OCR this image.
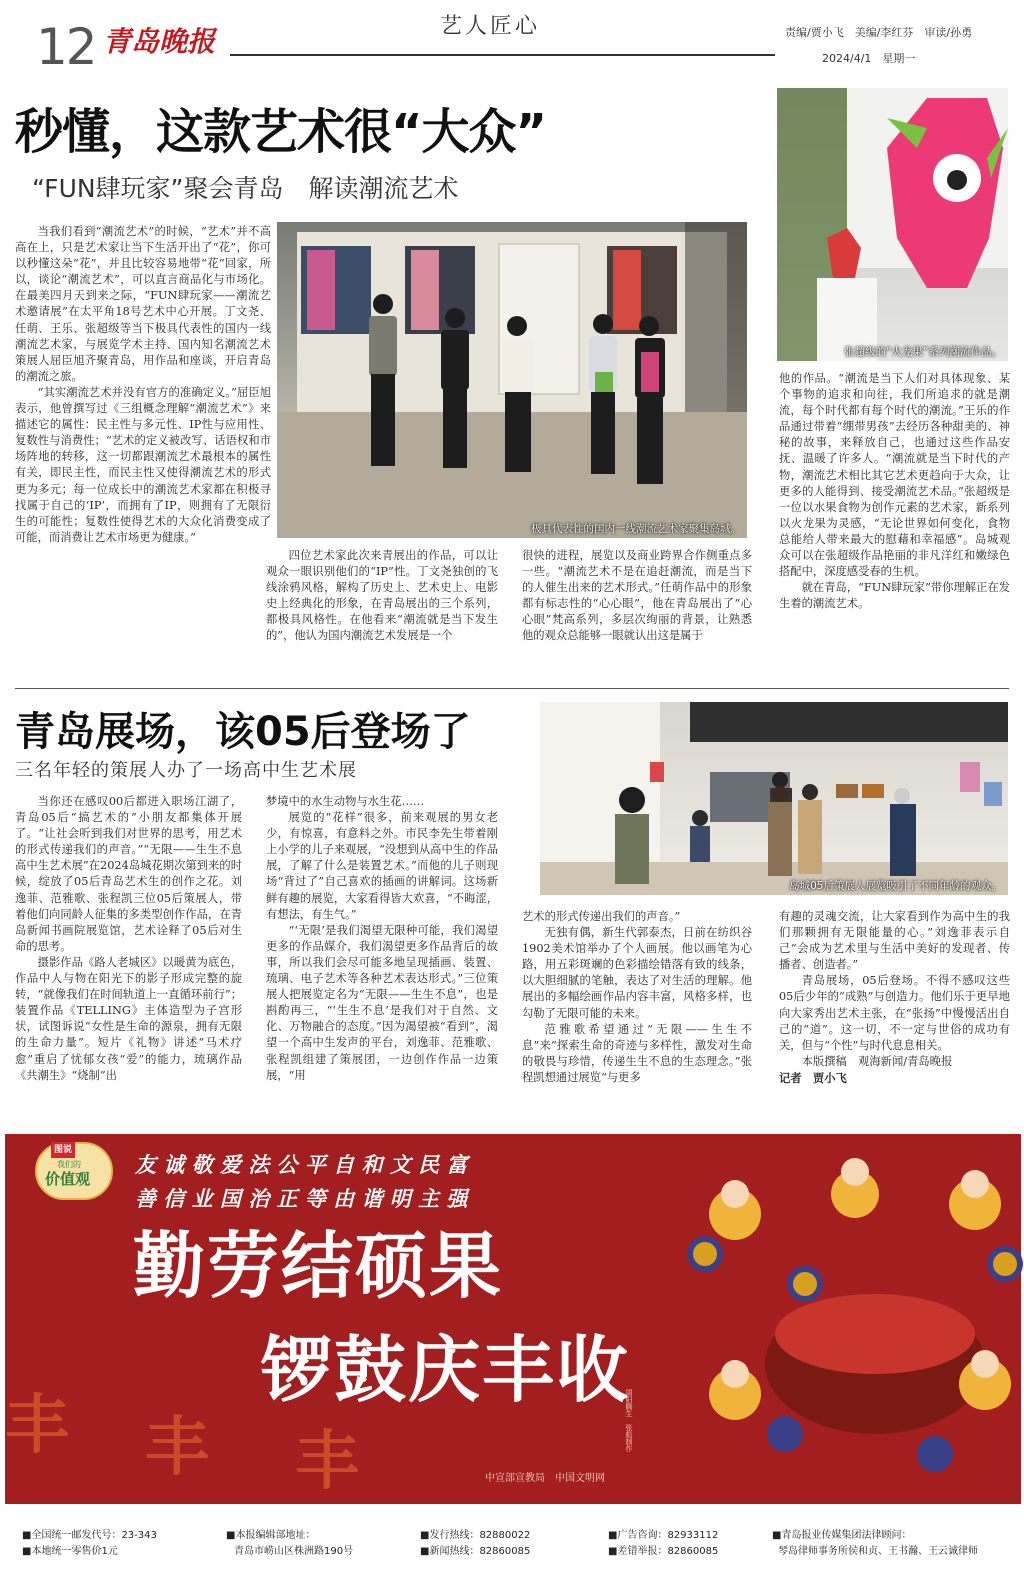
12 青岛晚报	艺人匠心	责编/贾小飞　美编/李红芬　审读/孙勇
2024/4/1　星期一
秒懂，这款艺术很“大众”
“FUN肆玩家”聚会青岛　解读潮流艺术

当我们看到“潮流艺术”的时候，“艺术”并不高高在上，只是艺术家让当下生活开出了“花”，你可以秒懂这朵“花”，并且比较容易地带“花”回家，所以，谈论“潮流艺术”，可以直言商品化与市场化。在最美四月天到来之际，“FUN肆玩家——潮流艺术邀请展”在太平角18号艺术中心开展。丁文尧、任萌、王乐、张超级等当下极具代表性的国内一线潮流艺术家，与展览学术主持、国内知名潮流艺术策展人屈臣旭齐聚青岛，用作品和座谈，开启青岛的潮流之旅。

“其实潮流艺术并没有官方的准确定义。”屈臣旭表示，他曾撰写过《三组概念理解“潮流艺术”》来描述它的属性：民主性与多元性、IP性与应用性、复数性与消费性；“艺术的定义被改写、话语权和市场阵地的转移，这一切都跟潮流艺术最根本的属性有关，即民主性，而民主性又使得潮流艺术的形式更为多元；每一位成长中的潮流艺术家都在积极寻找属于自己的‘IP’，而拥有了IP，则拥有了无限衍生的可能性；复数性使得艺术的大众化消费变成了可能，而消费让艺术市场更为健康。”

极具代表性的国内一线潮流艺术家聚集岛城。
张超级的“火龙果”系列潮流作品。

四位艺术家此次来青展出的作品，可以让观众一眼识别他们的“IP”性。丁文尧独创的飞线涂鸦风格，解构了历史上、艺术史上、电影史上经典化的形象，在青岛展出的三个系列，都极具风格性。在他看来“潮流就是当下发生的”，他认为国内潮流艺术发展是一个

很快的进程，展览以及商业跨界合作侧重点多一些。“潮流艺术不是在追赶潮流，而是当下的人催生出来的艺术形式。”任萌作品中的形象都有标志性的“心心眼”，他在青岛展出了“心心眼”梵高系列，多层次绚丽的背景，让熟悉他的观众总能够一眼就认出这是属于

他的作品。“潮流是当下人们对具体现象、某个事物的追求和向往，我们所追求的就是潮流，每个时代都有每个时代的潮流。”王乐的作品通过带着“绷带男孩”去经历各种甜美的、神秘的故事，来释放自己，也通过这些作品安抚、温暖了许多人。“潮流就是当下时代的产物，潮流艺术相比其它艺术更趋向于大众，让更多的人能得到、接受潮流艺术品。”张超级是一位以水果食物为创作元素的艺术家，新系列以火龙果为灵感，“无论世界如何变化，食物总能给人带来最大的慰藉和幸福感”。岛城观众可以在张超级作品艳丽的非凡洋红和嫩绿色搭配中，深度感受春的生机。

就在青岛，“FUN肆玩家”带你理解正在发生着的潮流艺术。

青岛展场，该05后登场了
三名年轻的策展人办了一场高中生艺术展
岛城05后策展人展览吸引了不同年龄的观众。

当你还在感叹00后都进入职场江湖了，青岛05后“搞艺术的”小朋友都集体开展了。“让社会听到我们对世界的思考，用艺术的形式传递我们的声音。”“无限——生生不息　高中生艺术展”在2024岛城花期次第到来的时候，绽放了05后青岛艺术生的创作之花。刘逸菲、范雅歌、张程凯三位05后策展人，带着他们向同龄人征集的多类型创作作品，在青岛新闻书画院展览馆，艺术诠释了05后对生命的思考。

摄影作品《路人老城区》以暖黄为底色，作品中人与物在阳光下的影子形成完整的旋转，“就像我们在时间轨道上一直循环前行”；装置作品《TELLING》主体造型为子宫形状，试图诉说“女性是生命的源泉，拥有无限的生命力量”。短片《礼物》讲述“马术疗愈”重启了忧郁女孩“爱”的能力，琉璃作品《共潮生》“烧制”出

梦境中的水生动物与水生花……

展览的“花样”很多，前来观展的男女老少，有惊喜，有意料之外。市民李先生带着刚上小学的儿子来观展，“没想到从高中生的作品展，了解了什么是装置艺术。”而他的儿子则现场“背过了”自己喜欢的插画的讲解词。这场新鲜有趣的展览，大家看得皆大欢喜，“不晦涩，有想法，有生气。”

“‘无限’是我们渴望无限种可能，我们渴望更多的作品媒介，我们渴望更多作品背后的故事，所以我们会尽可能多地呈现插画、装置、琉璃、电子艺术等各种艺术表达形式。”三位策展人把展览定名为“无限——生生不息”，也是斟酌再三，“‘生生不息’是我们对于自然、文化、万物融合的态度。”因为渴望被“看到”，渴望一个高中生发声的平台，刘逸菲、范雅歌、张程凯组建了策展团，一边创作作品一边策展，“用

艺术的形式传递出我们的声音。”

无独有偶，新生代郭泰杰，日前在纺织谷1902美术馆举办了个人画展。他以画笔为心路，用五彩斑斓的色彩描绘错落有致的线条，以大胆细腻的笔触，表达了对生活的理解。他展出的多幅绘画作品内容丰富，风格多样，也勾勒了无限可能的未来。

范雅歌希望通过“无限——生生不息”来“探索生命的奇迹与多样性，激发对生命的敬畏与珍惜，传递生生不息的生态理念。”张程凯想通过展览“与更多

有趣的灵魂交流，让大家看到作为高中生的我们那颗拥有无限能量的心。”刘逸菲表示自己“会成为艺术里与生活中美好的发现者、传播者、创造者。”

青岛展场，05后登场。不得不感叹这些05后少年的“成熟”与创造力。他们乐于更早地向大家秀出艺术主张，在“张扬”中慢慢活出自己的“道”。这一切，不一定与世俗的成功有关，但与“个性”与时代息息相关。

本版撰稿　观海新闻/青岛晚报

记者　贾小飞

图说
我们的
价值观
友 诚 敬 爱 法 公 平 自 和 文 民 富
善 信 业 国 治 正 等 由 谐 明 主 强
勤劳结硕果
锣鼓庆丰收
丰 丰 丰
周阳腾生　张彪制作
中宣部宣教局　中国文明网
■全国统一邮发代号：23-343
■本地统一零售价1元
■本报编辑部地址：
青岛市崂山区株洲路190号
■发行热线：82880022
■新闻热线：82860085
■广告咨询：82933112
■差错举报：82860085
■青岛报业传媒集团法律顾问：
琴岛律师事务所侯和贞、王书瀚、王云诚律师
